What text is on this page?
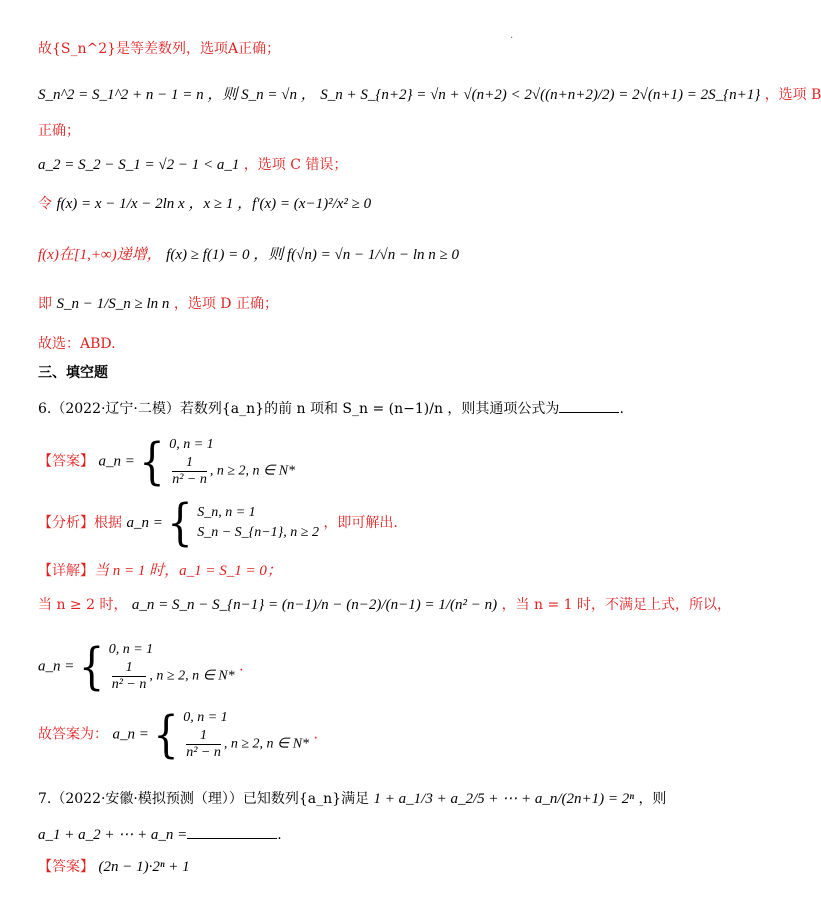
.
故{S_n^2}是等差数列，选项A正确；
S_n^2 = S_1^2 + n − 1 = n ，则 S_n = √n ， S_n + S_{n+2} = √n + √(n+2) < 2√((n+n+2)/2) = 2√(n+1) = 2S_{n+1} ，选项 B
正确；
a_2 = S_2 − S_1 = √2 − 1 < a_1 ，选项 C 错误；
令 f(x) = x − 1/x − 2ln x ，x ≥ 1 ，f′(x) = (x−1)²/x² ≥ 0
f(x)在[1,+∞)递增， f(x) ≥ f(1) = 0 ，则 f(√n) = √n − 1/√n − ln n ≥ 0
即 S_n − 1/S_n ≥ ln n ，选项 D 正确；
故选：ABD.
三、填空题
6.（2022·辽宁·二模）若数列{a_n}的前 n 项和 S_n = (n−1)/n ，则其通项公式为	.
【答案】 a_n = { 0, n = 1
$\frac{1}{\text{n² − n}}$ , n ≥ 2, n ∈ N*
【分析】根据 a_n = { S_n, n = 1
S_n − S_{n−1}, n ≥ 2
，即可解出.
【详解】当 n = 1 时，a_1 = S_1 = 0；
当 n ≥ 2 时， a_n = S_n − S_{n−1} = (n−1)/n − (n−2)/(n−1) = 1/(n² − n) ，当 n = 1 时，不满足上式，所以，
a_n = { 0, n = 1
$\frac{1}{\text{n² − n}}$ , n ≥ 2, n ∈ N*
.
故答案为： a_n = { 0, n = 1
$\frac{1}{\text{n² − n}}$ , n ≥ 2, n ∈ N*
.
7.（2022·安徽·模拟预测（理））已知数列{a_n}满足 1 + a_1/3 + a_2/5 + ⋯ + a_n/(2n+1) = 2ⁿ ，则
a_1 + a_2 + ⋯ + a_n =	.
【答案】 (2n − 1)·2ⁿ + 1
